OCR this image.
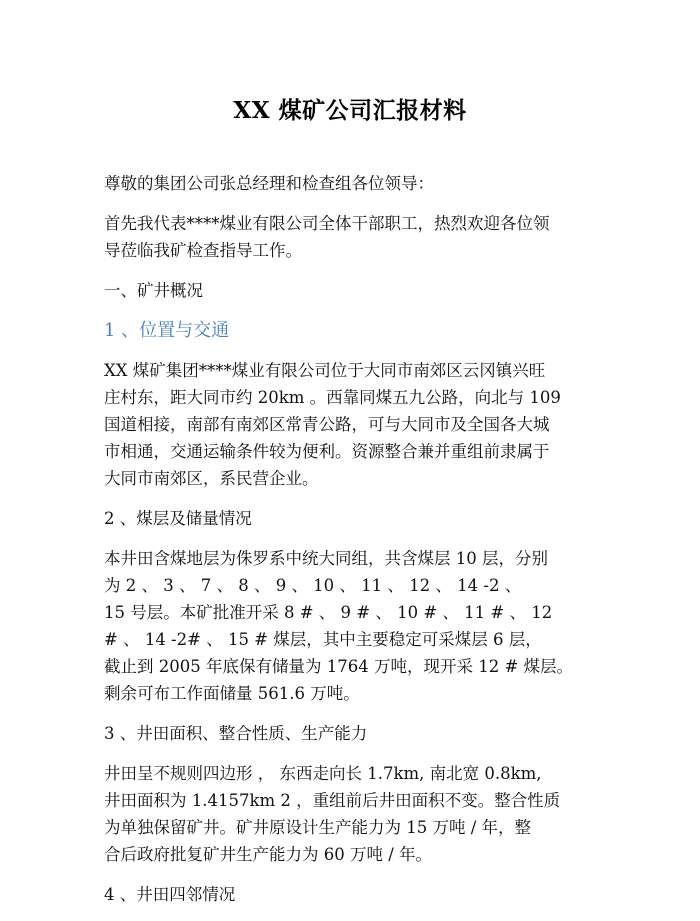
XX 煤矿公司汇报材料
尊敬的集团公司张总经理和检查组各位领导：
首先我代表****煤业有限公司全体干部职工，热烈欢迎各位领
导莅临我矿检查指导工作。
一、矿井概况
1 、位置与交通
XX 煤矿集团****煤业有限公司位于大同市南郊区云冈镇兴旺
庄村东，距大同市约 20km 。西靠同煤五九公路，向北与 109
国道相接，南部有南郊区常青公路，可与大同市及全国各大城
市相通，交通运输条件较为便利。资源整合兼并重组前隶属于
大同市南郊区，系民营企业。
2 、煤层及储量情况
本井田含煤地层为侏罗系中统大同组，共含煤层 10 层，分别
为 2 、 3 、 7 、 8 、 9 、 10 、 11 、 12 、 14 -2 、
15 号层。本矿批准开采 8 # 、 9 # 、 10 # 、 11 # 、 12
# 、 14 -2# 、 15 # 煤层，其中主要稳定可采煤层 6 层，
截止到 2005 年底保有储量为 1764 万吨，现开采 12 # 煤层。
剩余可布工作面储量 561.6 万吨。
3 、井田面积、整合性质、生产能力
井田呈不规则四边形 ， 东西走向长 1.7km, 南北宽 0.8km,
井田面积为 1.4157km 2 ，重组前后井田面积不变。整合性质
为单独保留矿井。矿井原设计生产能力为 15 万吨 / 年，整
合后政府批复矿井生产能力为 60 万吨 / 年。
4 、井田四邻情况
